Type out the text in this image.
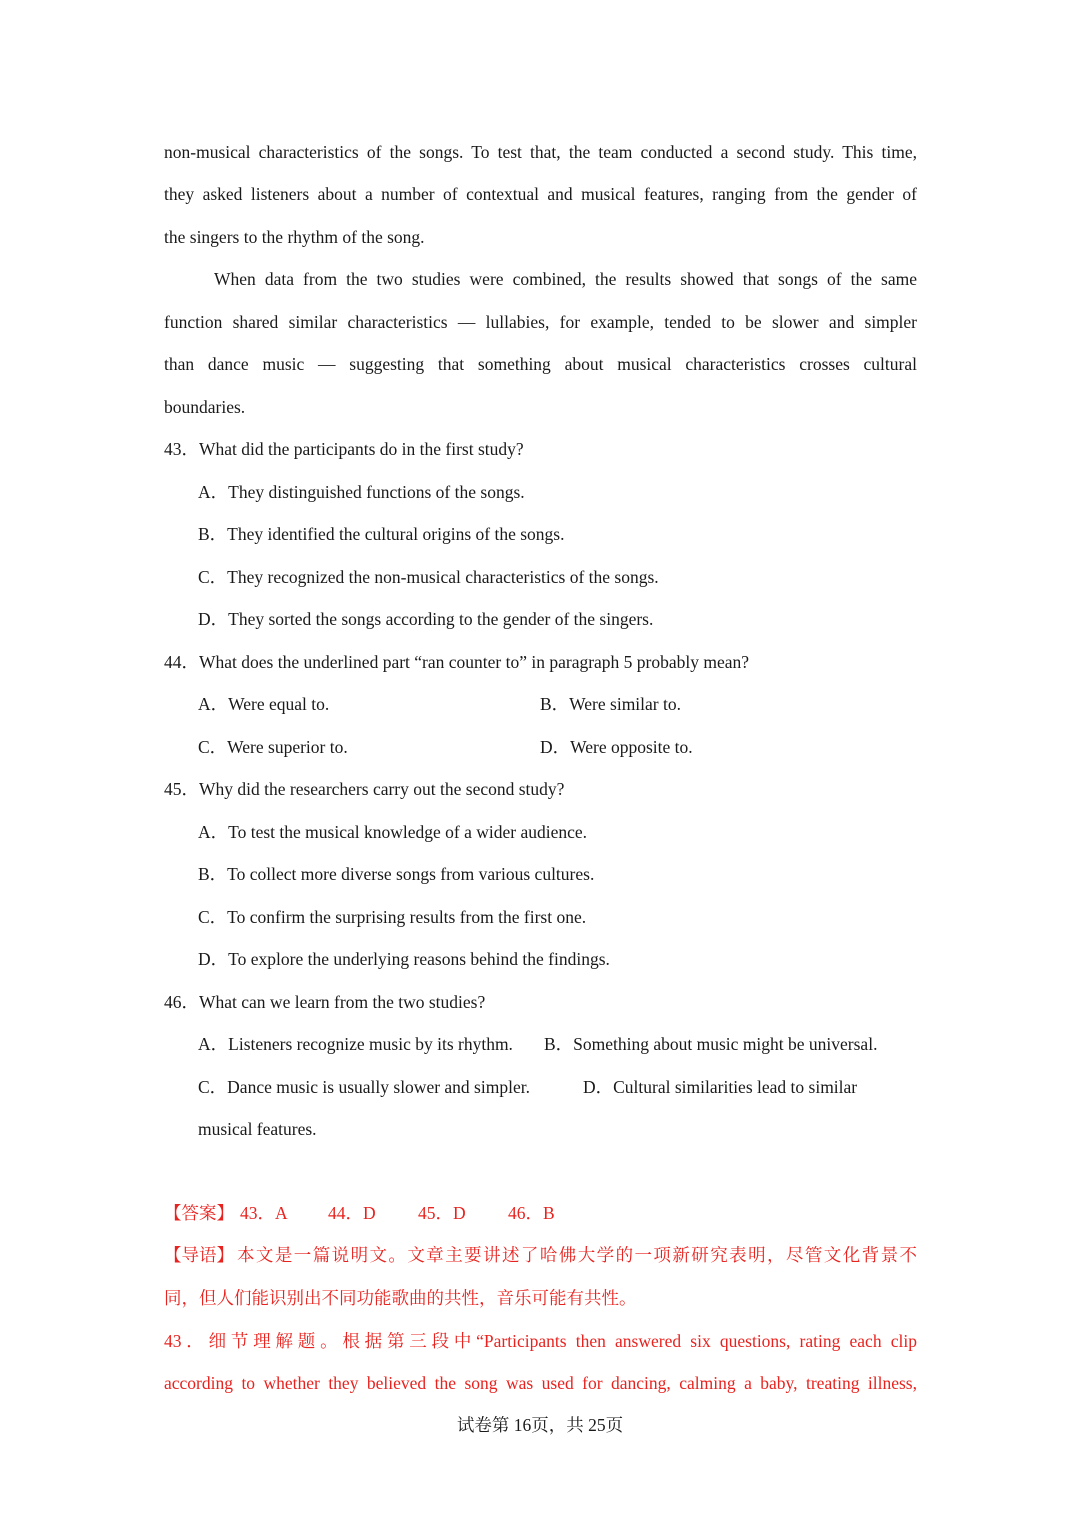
non-musical characteristics of the songs. To test that, the team conducted a second study. This time,
they asked listeners about a number of contextual and musical features, ranging from the gender of
the singers to the rhythm of the song.
When data from the two studies were combined, the results showed that songs of the same
function shared similar characteristics — lullabies, for example, tended to be slower and simpler
than dance music — suggesting that something about musical characteristics crosses cultural
boundaries.
43．What did the participants do in the first study?
A．They distinguished functions of the songs.
B．They identified the cultural origins of the songs.
C．They recognized the non-musical characteristics of the songs.
D．They sorted the songs according to the gender of the singers.
44．What does the underlined part “ran counter to” in paragraph 5 probably mean?
A．Were equal to.	B．Were similar to.
C．Were superior to.	D．Were opposite to.
45．Why did the researchers carry out the second study?
A．To test the musical knowledge of a wider audience.
B．To collect more diverse songs from various cultures.
C．To confirm the surprising results from the first one.
D．To explore the underlying reasons behind the findings.
46．What can we learn from the two studies?
A．Listeners recognize music by its rhythm.	B．Something about music might be universal.
C．Dance music is usually slower and simpler.	D．Cultural similarities lead to similar
musical features.
【答案】 43．A	44．D	45．D	46．B
【导语】 本文是一篇说明文。文章主要讲述了哈佛大学的一项新研究表明，尽管文化背景不
同，但人们能识别出不同功能歌曲的共性，音乐可能有共性。
43．细节理解题。根据第三段中“Participants then answered six questions, rating each clip
according to whether they believed the song was used for dancing, calming a baby, treating illness,
试卷第 16页，共 25页
